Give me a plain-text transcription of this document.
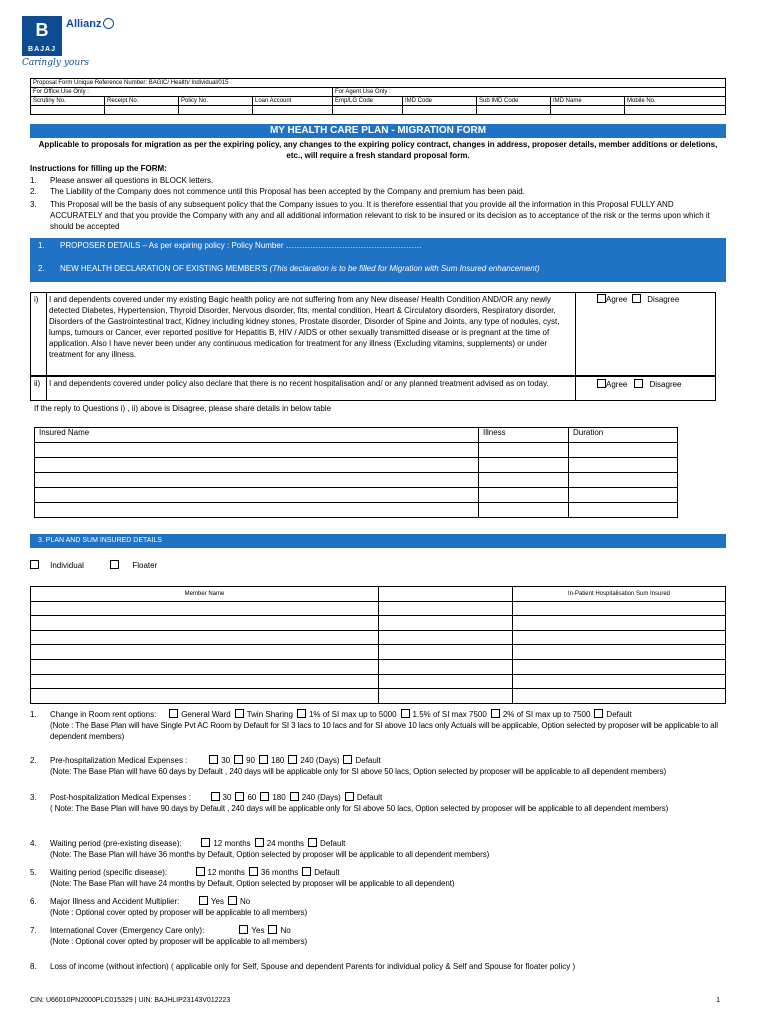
B
BAJAJ
Allianz
Caringly yours
Proposal Form Unique Reference Number: BAGIC/ Health/ Individual/015								
For Office Use Only :				For Agent Use Only :				
Scrutiny No.	Receipt No.	Policy No.	Loan Account	Emp/LG Code	IMD Code	Sub IMD Code	IMD Name	Mobile No.

MY HEALTH CARE PLAN - MIGRATION FORM
Applicable to proposals for migration as per the expiring policy, any changes to the expiring policy contract, changes in address, proposer details, member additions or deletions, etc., will require a fresh standard proposal form.
Instructions for filling up the FORM:
1. Please answer all questions in BLOCK letters.
2. The Liability of the Company does not commence until this Proposal has been accepted by the Company and premium has been paid.
3. This Proposal will be the basis of any subsequent policy that the Company issues to you. It is therefore essential that you provide all the information in this Proposal FULLY AND ACCURATELY and that you provide the Company with any and all additional information relevant to risk to be insured or its decision as to acceptance of the risk or the terms upon which it should be accepted
1. PROPOSER DETAILS – As per expiring policy : Policy Number ……………………………………………
2. NEW HEALTH DECLARATION OF EXISTING MEMBER'S (This declaration is to be filled for Migration with Sum Insured enhancement)
i) I and dependents covered under my existing Bagic health policy are not suffering from any New disease/ Health Condition AND/OR any newly detected Diabetes, Hypertension, Thyroid Disorder, Nervous disorder, fits, mental condition, Heart & Circulatory disorders, Respiratory disorder, Disorders of the Gastrointestinal tract, Kidney including kidney stones, Prostate disorder, Disorder of Spine and Joints, any type of nodules, cyst, lumps, tumours or Cancer, ever reported positive for Hepatitis B, HIV / AIDS or other sexually transmitted disease or is pregnant at the time of application. Also I have never been under any continuous medication for treatment for any illness (Excluding vitamins, supplements) or under treatment for any illness.
Agree Disagree
ii) I and dependents covered under policy also declare that there is no recent hospitalisation and/ or any planned treatment advised as on today.	Agree	Disagree
If the reply to Questions i) , ii) above is Disagree, please share details in below table
Insured Name	Illness	Duration

3. PLAN AND SUM INSURED DETAILS
Individual	Floater
Member Name		In-Patient Hospitalisation Sum Insured

1. Change in Room rent options:	General Ward Twin Sharing 1% of SI max up to 5000 1.5% of SI max 7500 2% of SI max up to 7500 Default
(Note : The Base Plan will have Single Pvt AC Room by Default for SI 3 lacs to 10 lacs and for SI above 10 lacs only Actuals will be applicable, Option selected by proposer will be applicable to all dependent members)
2. Pre-hospitalization Medical Expenses :	30 90 180 240 (Days) Default
(Note: The Base Plan will have 60 days by Default , 240 days will be applicable only for SI above 50 lacs, Option selected by proposer will be applicable to all dependent members)
3. Post-hospitalization Medical Expenses :	30 60 180 240 (Days) Default
( Note: The Base Plan will have 90 days by Default , 240 days will be applicable only for SI above 50 lacs, Option selected by proposer will be applicable to all dependent members)
4. Waiting period (pre-existing disease):	12 months 24 months Default
(Note: The Base Plan will have 36 months by Default, Option selected by proposer will be applicable to all dependent members)
5. Waiting period (specific disease):	12 months 36 months Default
(Note: The Base Plan will have 24 months by Default, Option selected by proposer will be applicable to all dependent)
6. Major Illness and Accident Multiplier:	Yes No
(Note : Optional cover opted by proposer will be applicable to all members)
7. International Cover (Emergency Care only):	Yes No
(Note : Optional cover opted by proposer will be applicable to all members)
8. Loss of income (without infection) ( applicable only for Self, Spouse and dependent Parents for individual policy & Self and Spouse for floater policy )
CIN: U66010PN2000PLC015329 | UIN: BAJHLIP23143V012223	1
